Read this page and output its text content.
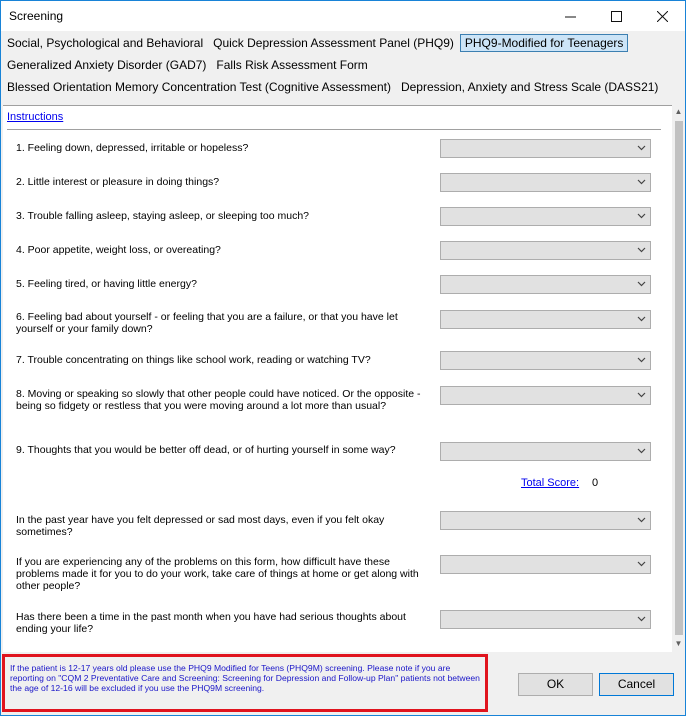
Screening
Social, Psychological and Behavioral Quick Depression Assessment Panel (PHQ9) PHQ9-Modified for Teenagers
Generalized Anxiety Disorder (GAD7) Falls Risk Assessment Form
Blessed Orientation Memory Concentration Test (Cognitive Assessment) Depression, Anxiety and Stress Scale (DASS21)
Instructions
1. Feeling down, depressed, irritable or hopeless?
2. Little interest or pleasure in doing things?
3. Trouble falling asleep, staying asleep, or sleeping too much?
4. Poor appetite, weight loss, or overeating?
5. Feeling tired, or having little energy?
6. Feeling bad about yourself - or feeling that you are a failure, or that you have let yourself or your family down?
7. Trouble concentrating on things like school work, reading or watching TV?
8. Moving or speaking so slowly that other people could have noticed. Or the opposite - being so fidgety or restless that you were moving around a lot more than usual?
9. Thoughts that you would be better off dead, or of hurting yourself in some way?
Total Score: 0
In the past year have you felt depressed or sad most days, even if you felt okay sometimes?
If you are experiencing any of the problems on this form, how difficult have these problems made it for you to do your work, take care of things at home or get along with other people?
Has there been a time in the past month when you have had serious thoughts about ending your life?
▲
▼
If the patient is 12-17 years old please use the PHQ9 Modified for Teens (PHQ9M) screening. Please note if you are reporting on "CQM 2 Preventative Care and Screening: Screening for Depression and Follow-up Plan" patients not between the age of 12-16 will be excluded if you use the PHQ9M screening.	OK	Cancel
